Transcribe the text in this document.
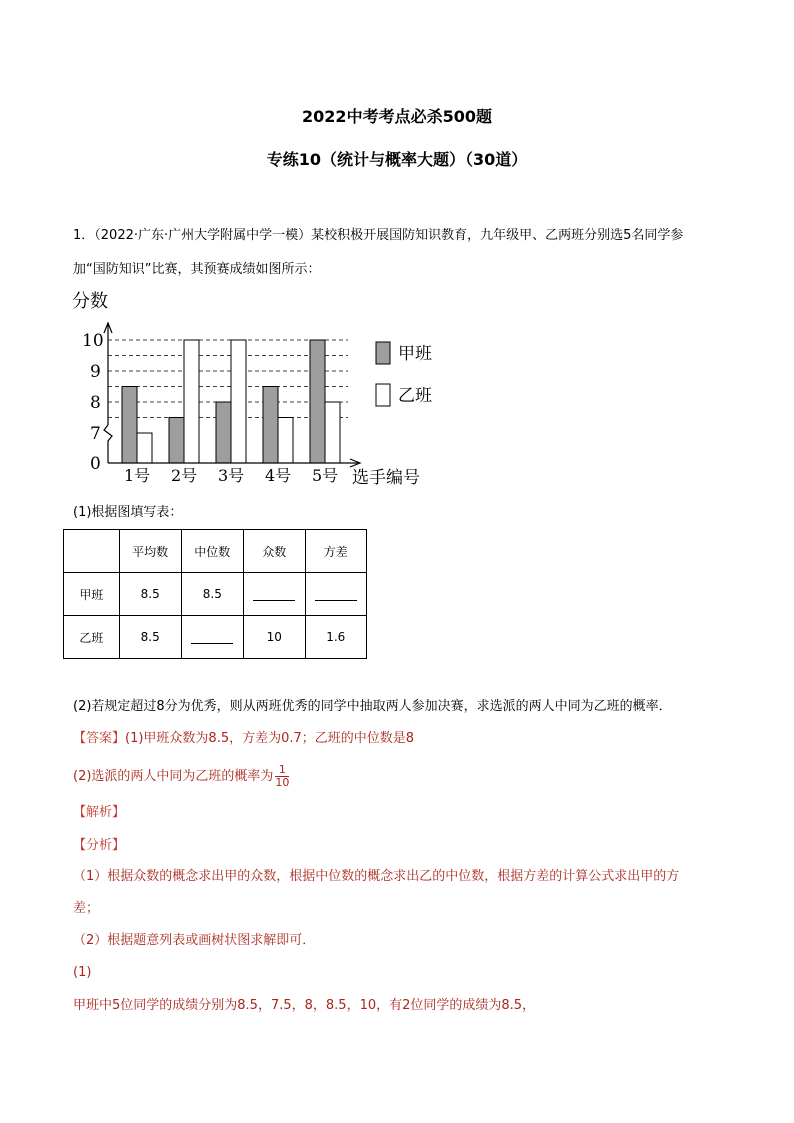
2022中考考点必杀500题
专练10（统计与概率大题）（30道）
1．（2022·广东·广州大学附属中学一模）某校积极开展国防知识教育，九年级甲、乙两班分别选5名同学参
加“国防知识”比赛，其预赛成绩如图所示：
分数
选手编号
0
7
8
9
10
1号 2号 3号 4号 5号
甲班
乙班
(1)根据图填写表：
	平均数	中位数	众数	方差
甲班	8.5	8.5		
乙班	8.5		10	1.6
(2)若规定超过8分为优秀，则从两班优秀的同学中抽取两人参加决赛，求选派的两人中同为乙班的概率．
【答案】(1)甲班众数为8.5，方差为0.7；乙班的中位数是8
(2)选派的两人中同为乙班的概率为 $\frac{1}{10}$
【解析】
【分析】
（1）根据众数的概念求出甲的众数，根据中位数的概念求出乙的中位数，根据方差的计算公式求出甲的方
差；
（2）根据题意列表或画树状图求解即可．
(1)
甲班中5位同学的成绩分别为8.5，7.5，8，8.5，10，有2位同学的成绩为8.5，
